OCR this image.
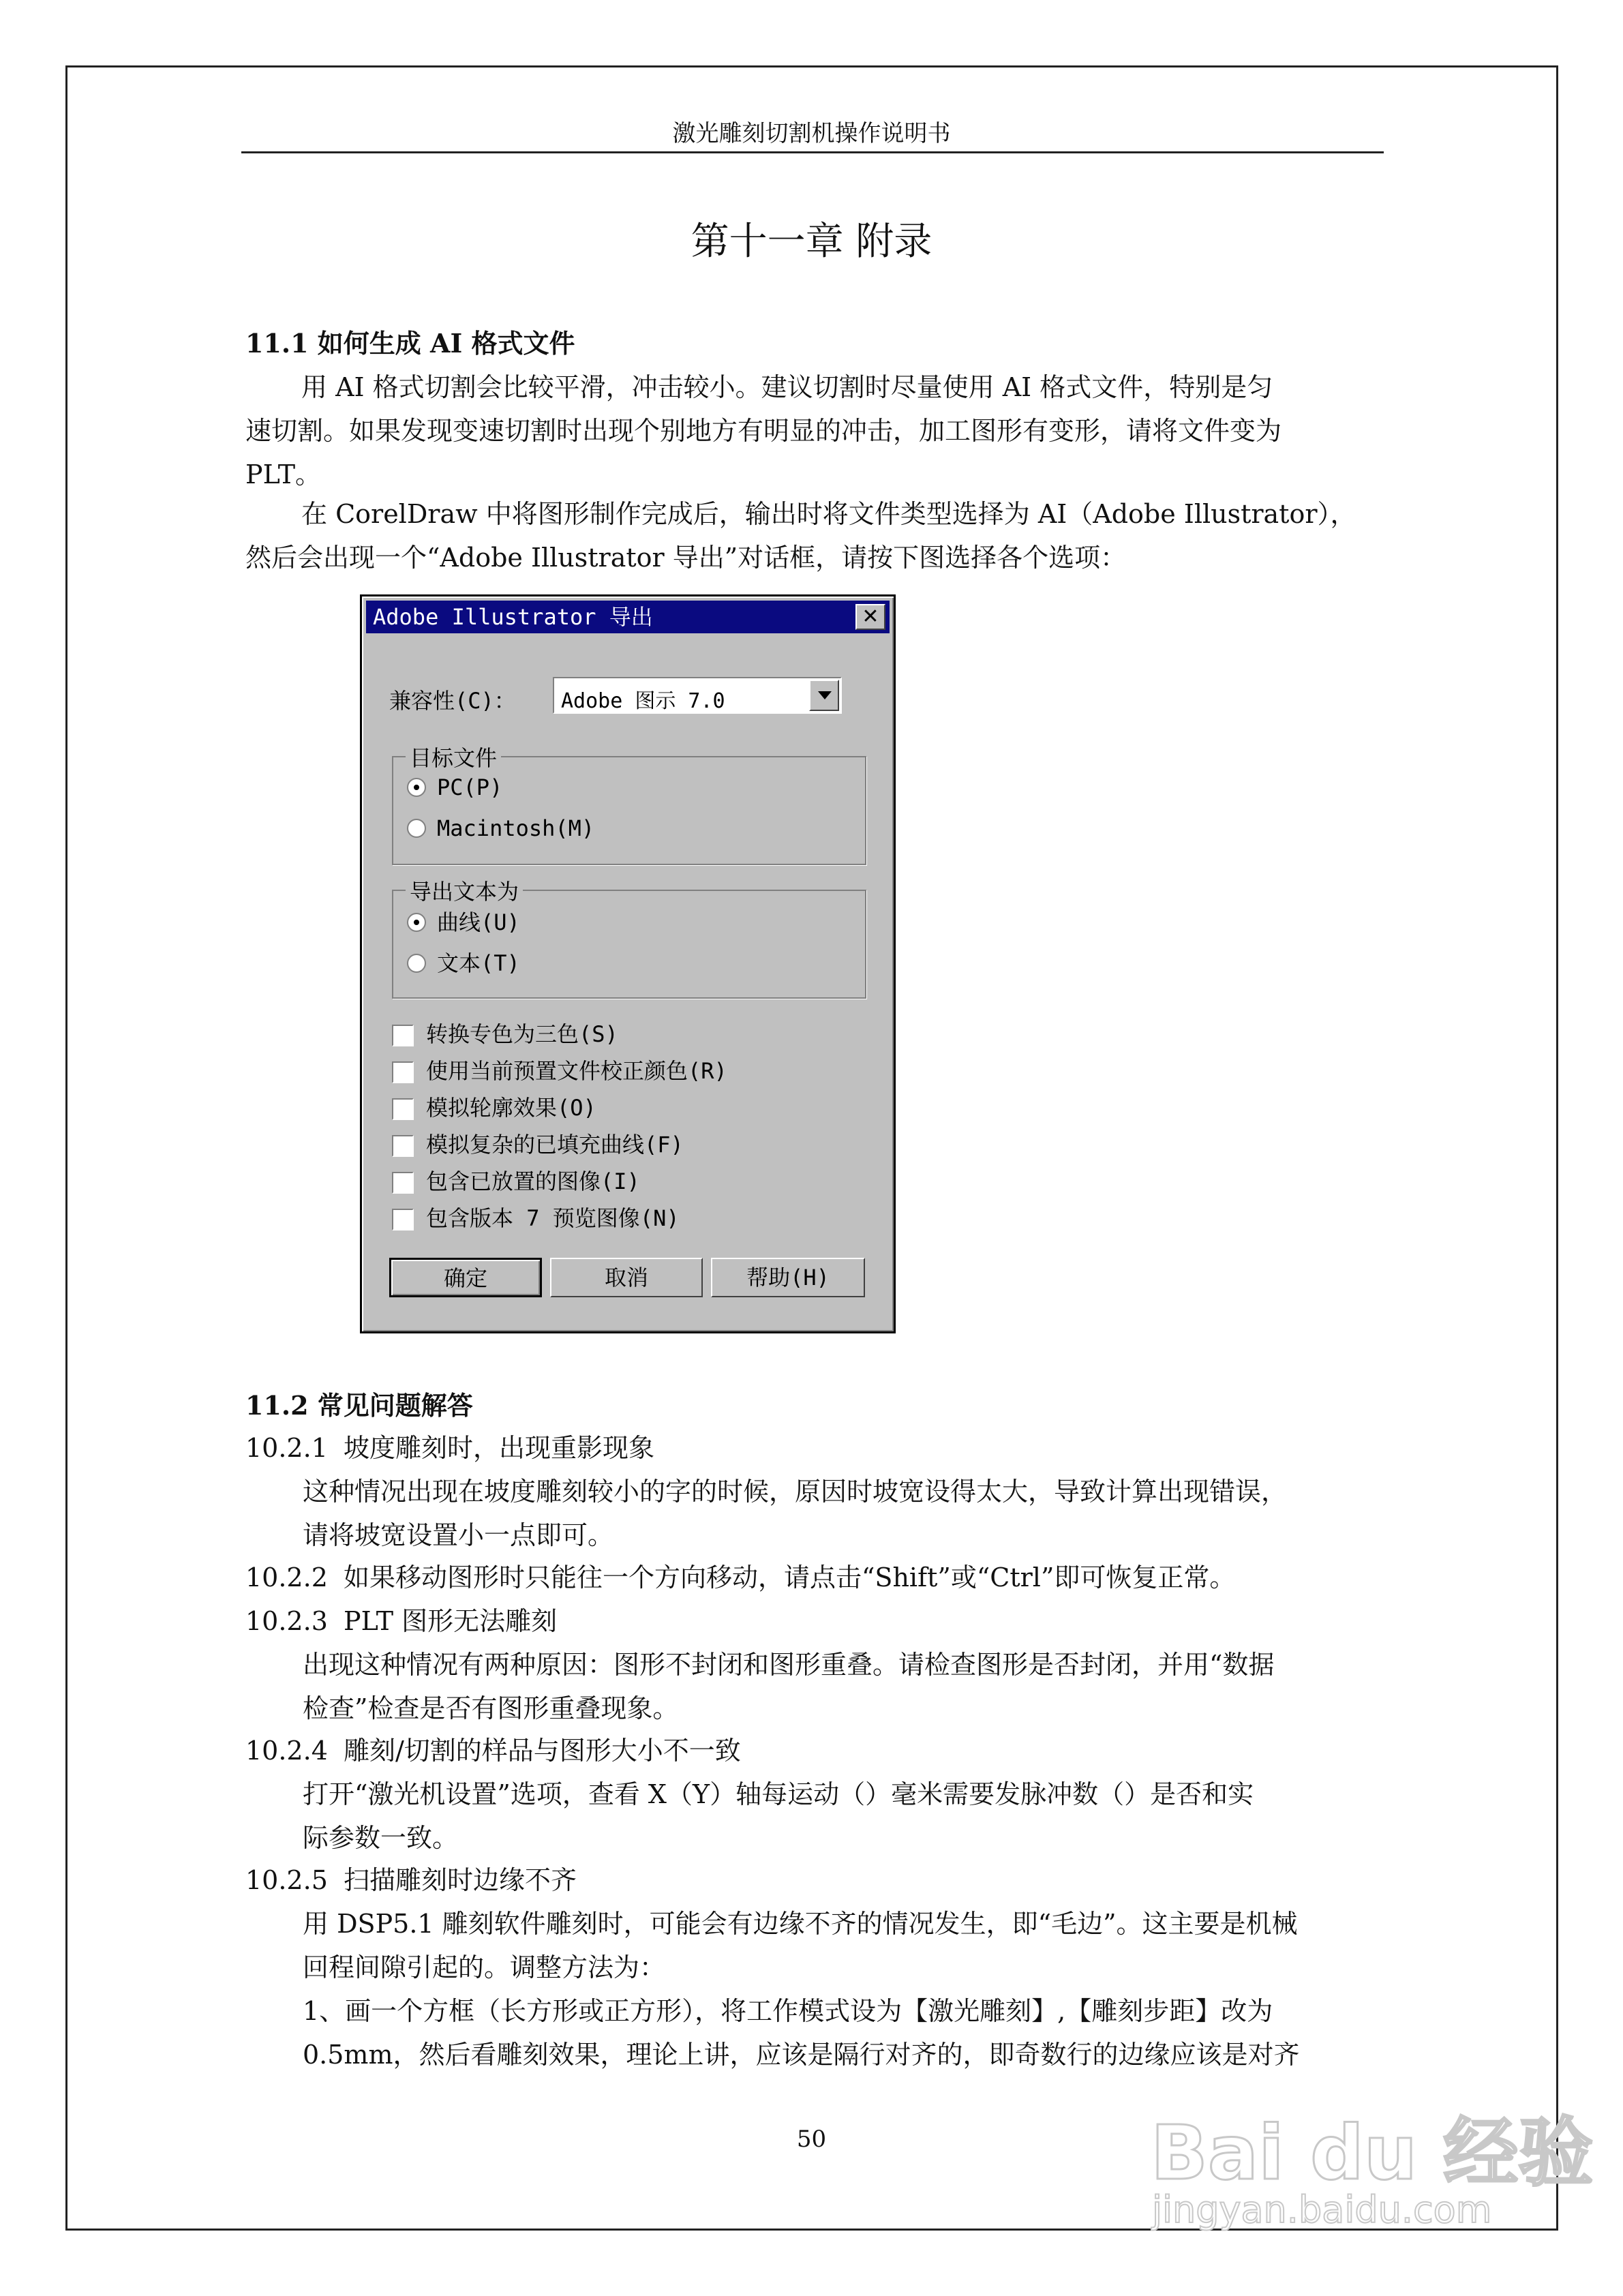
激光雕刻切割机操作说明书
第十一章 附录
11.1 如何生成 AI 格式文件
用 AI 格式切割会比较平滑，冲击较小。建议切割时尽量使用 AI 格式文件，特别是匀
速切割。如果发现变速切割时出现个别地方有明显的冲击，加工图形有变形，请将文件变为
PLT。
在 CorelDraw 中将图形制作完成后，输出时将文件类型选择为 AI（Adobe Illustrator），
然后会出现一个“Adobe Illustrator 导出”对话框，请按下图选择各个选项：
Adobe Illustrator 导出	✕
兼容性(C)： Adobe 图示 7.0
目标文件
PC(P)
Macintosh(M)
导出文本为
曲线(U)
文本(T)
转换专色为三色(S)
使用当前预置文件校正颜色(R)
模拟轮廓效果(O)
模拟复杂的已填充曲线(F)
包含已放置的图像(I)
包含版本 7 预览图像(N)
确定	取消	帮助(H)
11.2 常见问题解答
10.2.1 坡度雕刻时，出现重影现象
这种情况出现在坡度雕刻较小的字的时候，原因时坡宽设得太大，导致计算出现错误，
请将坡宽设置小一点即可。
10.2.2 如果移动图形时只能往一个方向移动，请点击“Shift”或“Ctrl”即可恢复正常。
10.2.3 PLT 图形无法雕刻
出现这种情况有两种原因：图形不封闭和图形重叠。请检查图形是否封闭，并用“数据
检查”检查是否有图形重叠现象。
10.2.4 雕刻/切割的样品与图形大小不一致
打开“激光机设置”选项，查看 X（Y）轴每运动（）毫米需要发脉冲数（）是否和实
际参数一致。
10.2.5 扫描雕刻时边缘不齐
用 DSP5.1 雕刻软件雕刻时，可能会有边缘不齐的情况发生，即“毛边”。这主要是机械
回程间隙引起的。调整方法为：
1、画一个方框（长方形或正方形），将工作模式设为【激光雕刻】,【雕刻步距】改为
0.5mm，然后看雕刻效果，理论上讲，应该是隔行对齐的，即奇数行的边缘应该是对齐
50	Bai du 经验
jingyan.baidu.com
